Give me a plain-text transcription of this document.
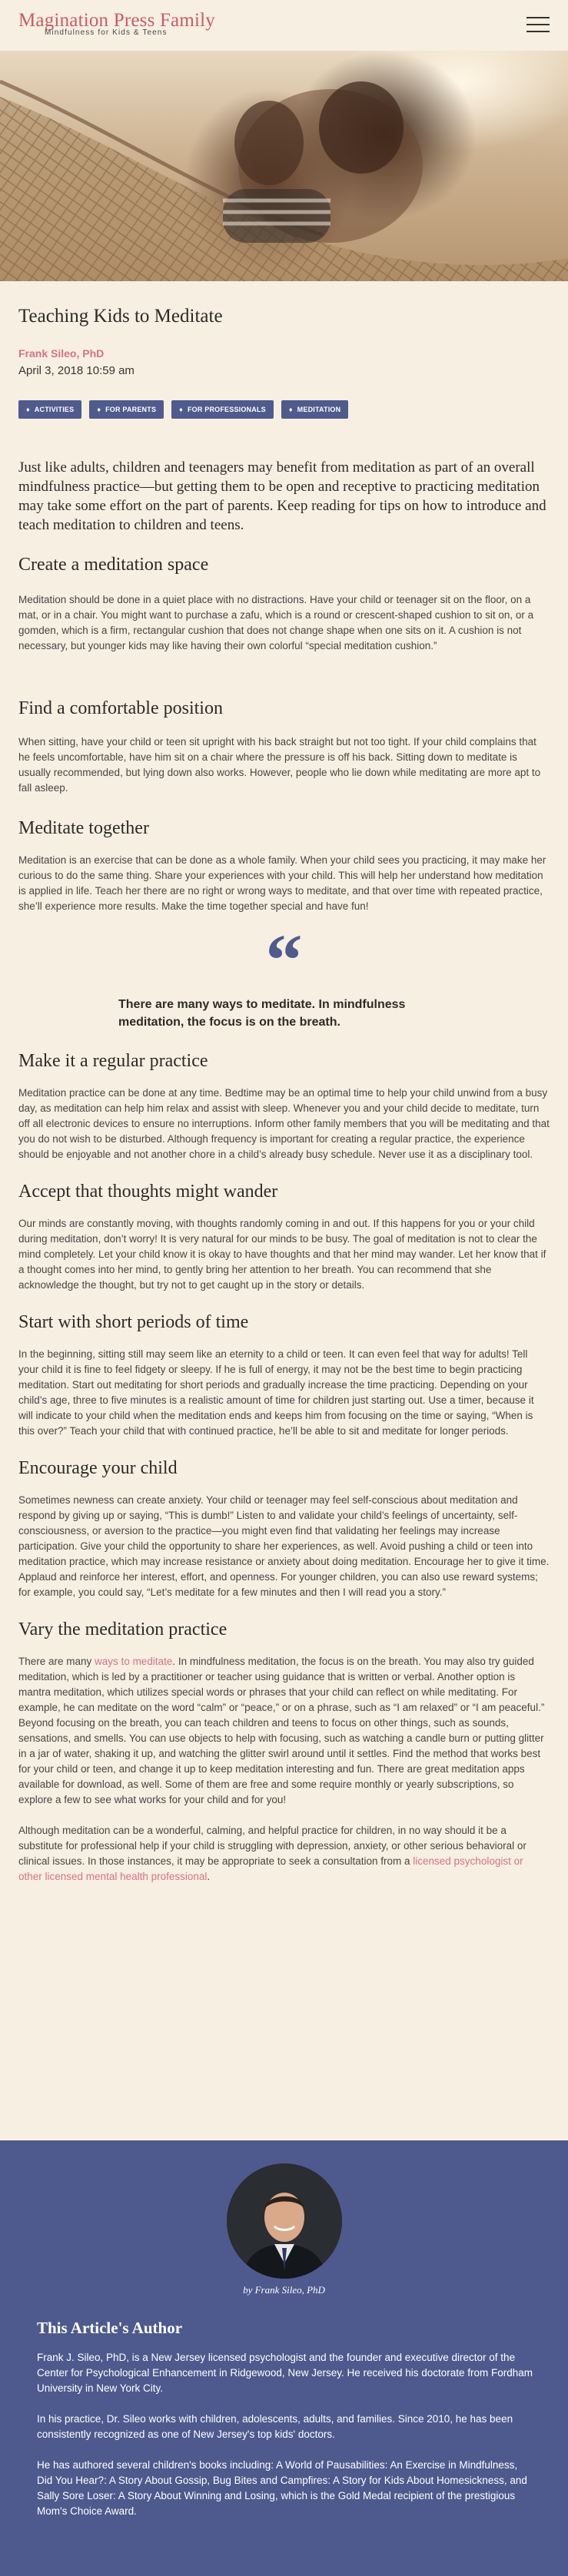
Magination Press Family
Mindfulness for Kids & Teens
Teaching Kids to Meditate
Frank Sileo, PhD
April 3, 2018 10:59 am
♦ ACTIVITIES	♦ FOR PARENTS	♦ FOR PROFESSIONALS	♦ MEDITATION

Just like adults, children and teenagers may benefit from meditation as part of an overall mindfulness practice—but getting them to be open and receptive to practicing meditation may take some effort on the part of parents. Keep reading for tips on how to introduce and teach meditation to children and teens.

Create a meditation space

Meditation should be done in a quiet place with no distractions. Have your child or teenager sit on the floor, on a mat, or in a chair. You might want to purchase a zafu, which is a round or crescent-shaped cushion to sit on, or a gomden, which is a firm, rectangular cushion that does not change shape when one sits on it. A cushion is not necessary, but younger kids may like having their own colorful “special meditation cushion.”

Find a comfortable position

When sitting, have your child or teen sit upright with his back straight but not too tight. If your child complains that he feels uncomfortable, have him sit on a chair where the pressure is off his back. Sitting down to meditate is usually recommended, but lying down also works. However, people who lie down while meditating are more apt to fall asleep.

Meditate together

Meditation is an exercise that can be done as a whole family. When your child sees you practicing, it may make her curious to do the same thing. Share your experiences with your child. This will help her understand how meditation is applied in life. Teach her there are no right or wrong ways to meditate, and that over time with repeated practice, she’ll experience more results. Make the time together special and have fun!

“
There are many ways to meditate. In mindfulness meditation, the focus is on the breath.
Make it a regular practice

Meditation practice can be done at any time. Bedtime may be an optimal time to help your child unwind from a busy day, as meditation can help him relax and assist with sleep. Whenever you and your child decide to meditate, turn off all electronic devices to ensure no interruptions. Inform other family members that you will be meditating and that you do not wish to be disturbed. Although frequency is important for creating a regular practice, the experience should be enjoyable and not another chore in a child’s already busy schedule. Never use it as a disciplinary tool.

Accept that thoughts might wander

Our minds are constantly moving, with thoughts randomly coming in and out. If this happens for you or your child during meditation, don’t worry! It is very natural for our minds to be busy. The goal of meditation is not to clear the mind completely. Let your child know it is okay to have thoughts and that her mind may wander. Let her know that if a thought comes into her mind, to gently bring her attention to her breath. You can recommend that she acknowledge the thought, but try not to get caught up in the story or details.

Start with short periods of time

In the beginning, sitting still may seem like an eternity to a child or teen. It can even feel that way for adults! Tell your child it is fine to feel fidgety or sleepy. If he is full of energy, it may not be the best time to begin practicing meditation. Start out meditating for short periods and gradually increase the time practicing. Depending on your child’s age, three to five minutes is a realistic amount of time for children just starting out. Use a timer, because it will indicate to your child when the meditation ends and keeps him from focusing on the time or saying, “When is this over?” Teach your child that with continued practice, he’ll be able to sit and meditate for longer periods.

Encourage your child

Sometimes newness can create anxiety. Your child or teenager may feel self-conscious about meditation and respond by giving up or saying, “This is dumb!” Listen to and validate your child’s feelings of uncertainty, self-consciousness, or aversion to the practice—you might even find that validating her feelings may increase participation. Give your child the opportunity to share her experiences, as well. Avoid pushing a child or teen into meditation practice, which may increase resistance or anxiety about doing meditation. Encourage her to give it time. Applaud and reinforce her interest, effort, and openness. For younger children, you can also use reward systems; for example, you could say, “Let’s meditate for a few minutes and then I will read you a story.”

Vary the meditation practice

There are many ways to meditate. In mindfulness meditation, the focus is on the breath. You may also try guided meditation, which is led by a practitioner or teacher using guidance that is written or verbal. Another option is mantra meditation, which utilizes special words or phrases that your child can reflect on while meditating. For example, he can meditate on the word “calm” or “peace,” or on a phrase, such as “I am relaxed” or “I am peaceful.” Beyond focusing on the breath, you can teach children and teens to focus on other things, such as sounds, sensations, and smells. You can use objects to help with focusing, such as watching a candle burn or putting glitter in a jar of water, shaking it up, and watching the glitter swirl around until it settles. Find the method that works best for your child or teen, and change it up to keep meditation interesting and fun. There are great meditation apps available for download, as well. Some of them are free and some require monthly or yearly subscriptions, so explore a few to see what works for your child and for you!

Although meditation can be a wonderful, calming, and helpful practice for children, in no way should it be a substitute for professional help if your child is struggling with depression, anxiety, or other serious behavioral or clinical issues. In those instances, it may be appropriate to seek a consultation from a licensed psychologist or other licensed mental health professional.

by Frank Sileo, PhD
This Article's Author

Frank J. Sileo, PhD, is a New Jersey licensed psychologist and the founder and executive director of the Center for Psychological Enhancement in Ridgewood, New Jersey. He received his doctorate from Fordham University in New York City.

In his practice, Dr. Sileo works with children, adolescents, adults, and families. Since 2010, he has been consistently recognized as one of New Jersey's top kids' doctors.

He has authored several children's books including: A World of Pausabilities: An Exercise in Mindfulness, Did You Hear?: A Story About Gossip, Bug Bites and Campfires: A Story for Kids About Homesickness, and Sally Sore Loser: A Story About Winning and Losing, which is the Gold Medal recipient of the prestigious Mom's Choice Award.
